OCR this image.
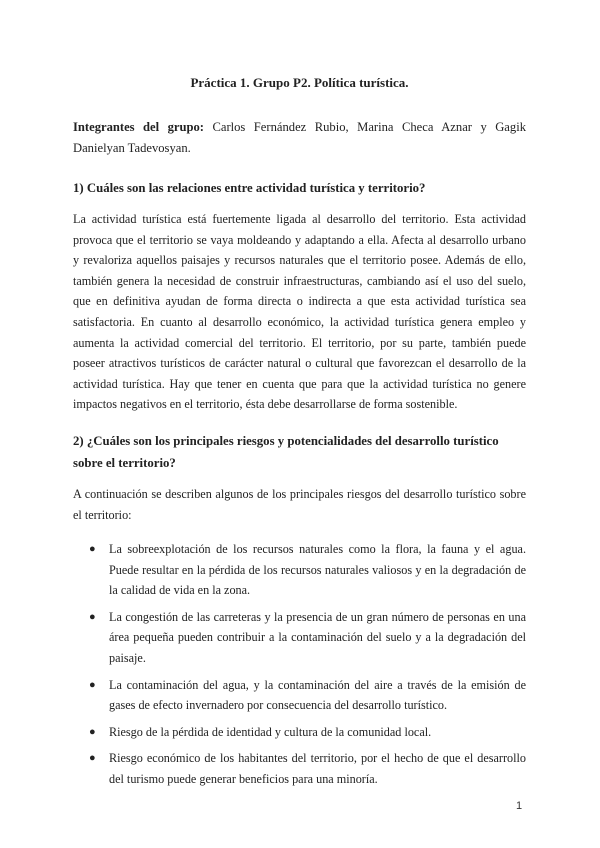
Práctica 1. Grupo P2. Política turística.

Integrantes del grupo: Carlos Fernández Rubio, Marina Checa Aznar y Gagik Danielyan Tadevosyan.

1) Cuáles son las relaciones entre actividad turística y territorio?

La actividad turística está fuertemente ligada al desarrollo del territorio. Esta actividad provoca que el territorio se vaya moldeando y adaptando a ella. Afecta al desarrollo urbano y revaloriza aquellos paisajes y recursos naturales que el territorio posee. Además de ello, también genera la necesidad de construir infraestructuras, cambiando así el uso del suelo, que en definitiva ayudan de forma directa o indirecta a que esta actividad turística sea satisfactoria. En cuanto al desarrollo económico, la actividad turística genera empleo y aumenta la actividad comercial del territorio. El territorio, por su parte, también puede poseer atractivos turísticos de carácter natural o cultural que favorezcan el desarrollo de la actividad turística. Hay que tener en cuenta que para que la actividad turística no genere impactos negativos en el territorio, ésta debe desarrollarse de forma sostenible.

2) ¿Cuáles son los principales riesgos y potencialidades del desarrollo turístico sobre el territorio?

A continuación se describen algunos de los principales riesgos del desarrollo turístico sobre el territorio:

● La sobreexplotación de los recursos naturales como la flora, la fauna y el agua. Puede resultar en la pérdida de los recursos naturales valiosos y en la degradación de la calidad de vida en la zona.
● La congestión de las carreteras y la presencia de un gran número de personas en una área pequeña pueden contribuir a la contaminación del suelo y a la degradación del paisaje.
● La contaminación del agua, y la contaminación del aire a través de la emisión de gases de efecto invernadero por consecuencia del desarrollo turístico.
● Riesgo de la pérdida de identidad y cultura de la comunidad local.
● Riesgo económico de los habitantes del territorio, por el hecho de que el desarrollo del turismo puede generar beneficios para una minoría.
1
